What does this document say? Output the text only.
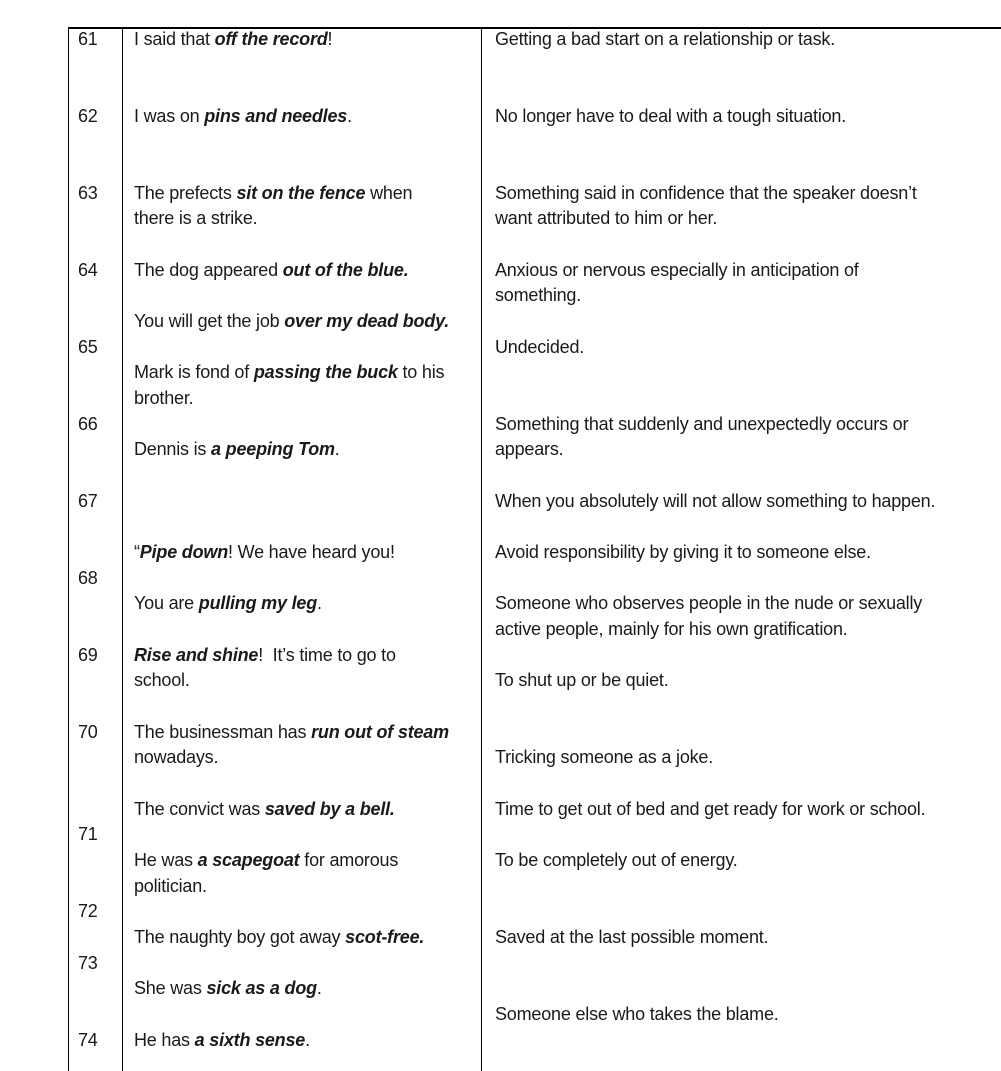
61
62
63
64
65
66
67
68
69
70
71
72
73
74
I said that off the record!
I was on pins and needles.
The prefects sit on the fence when
there is a strike.
The dog appeared out of the blue.
You will get the job over my dead body.
Mark is fond of passing the buck to his
brother.
Dennis is a peeping Tom.
“Pipe down! We have heard you!
You are pulling my leg.
Rise and shine!  It’s time to go to
school.
The businessman has run out of steam
nowadays.
The convict was saved by a bell.
He was a scapegoat for amorous
politician.
The naughty boy got away scot-free.
She was sick as a dog.
He has a sixth sense.
Getting a bad start on a relationship or task.
No longer have to deal with a tough situation.
Something said in confidence that the speaker doesn’t
want attributed to him or her.
Anxious or nervous especially in anticipation of
something.
Undecided.
Something that suddenly and unexpectedly occurs or
appears.
When you absolutely will not allow something to happen.
Avoid responsibility by giving it to someone else.
Someone who observes people in the nude or sexually
active people, mainly for his own gratification.
To shut up or be quiet.
Tricking someone as a joke.
Time to get out of bed and get ready for work or school.
To be completely out of energy.
Saved at the last possible moment.
Someone else who takes the blame.
